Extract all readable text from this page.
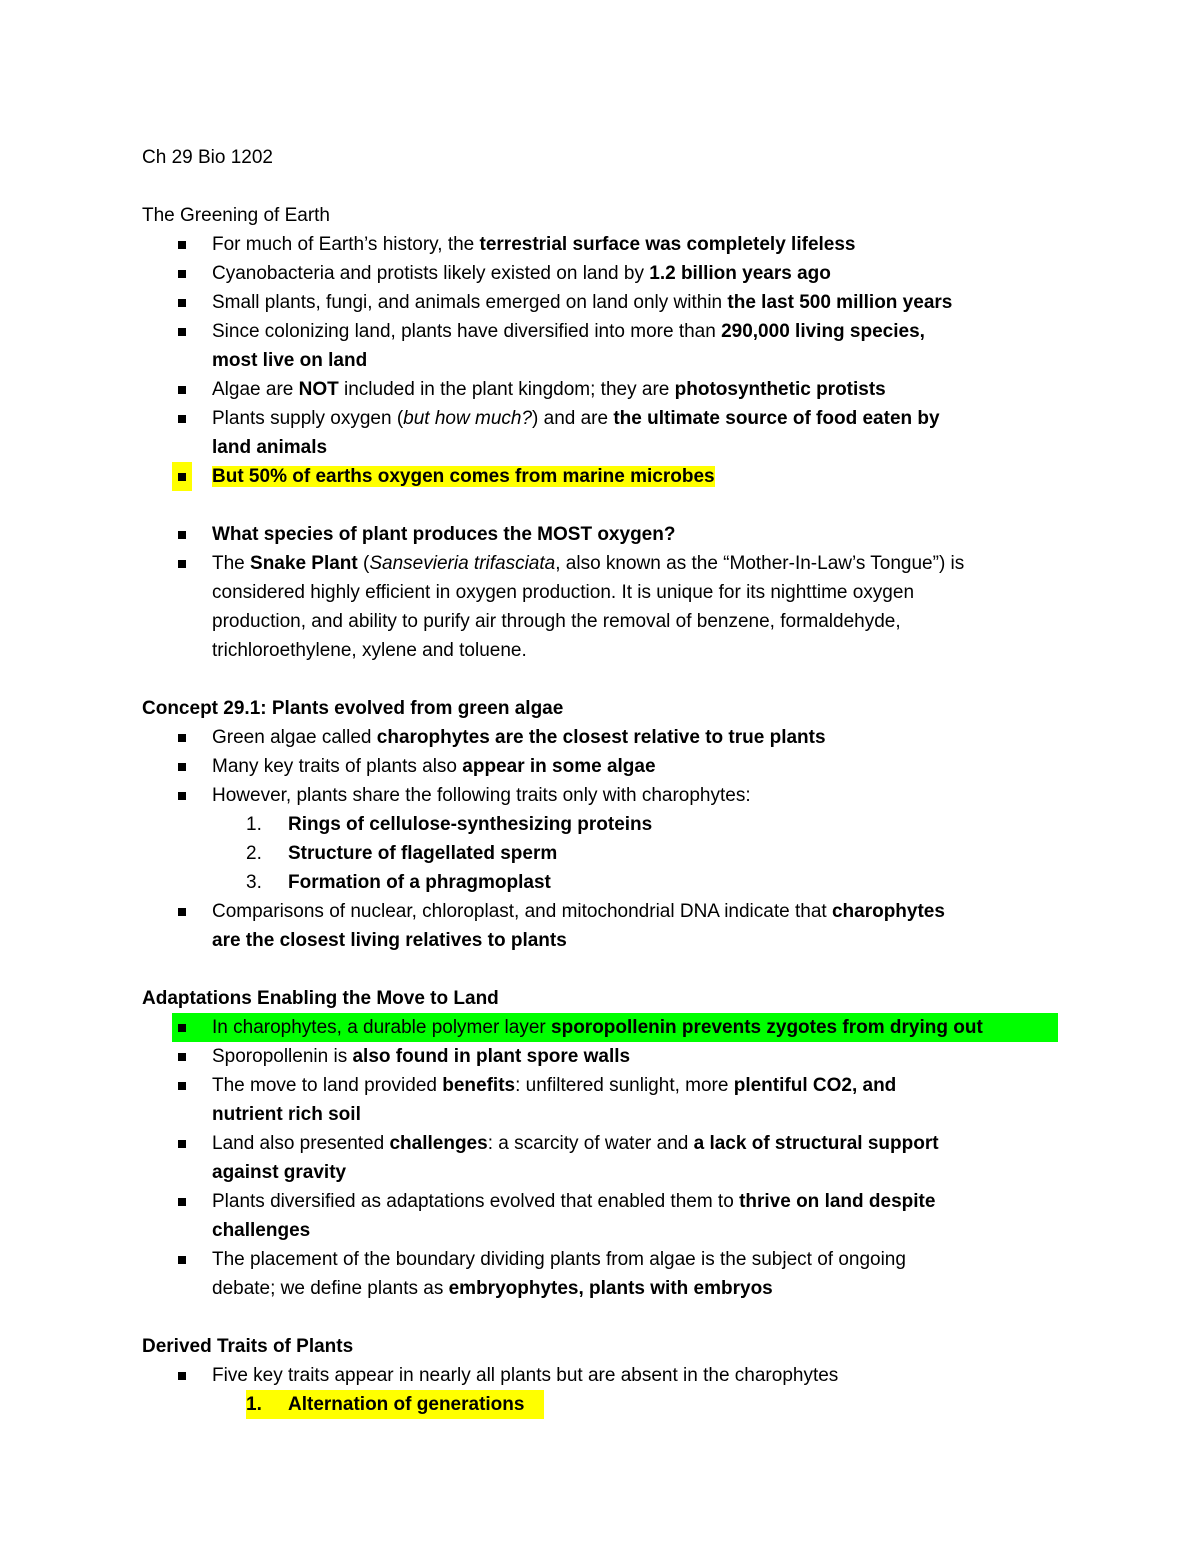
Ch 29 Bio 1202
The Greening of Earth
For much of Earth’s history, the terrestrial surface was completely lifeless
Cyanobacteria and protists likely existed on land by 1.2 billion years ago
Small plants, fungi, and animals emerged on land only within the last 500 million years
Since colonizing land, plants have diversified into more than 290,000 living species,
most live on land
Algae are NOT included in the plant kingdom; they are photosynthetic protists
Plants supply oxygen (but how much?) and are the ultimate source of food eaten by
land animals
But 50% of earths oxygen comes from marine microbes
What species of plant produces the MOST oxygen?
The Snake Plant (Sansevieria trifasciata, also known as the “Mother-In-Law’s Tongue”) is
considered highly efficient in oxygen production. It is unique for its nighttime oxygen
production, and ability to purify air through the removal of benzene, formaldehyde,
trichloroethylene, xylene and toluene.
Concept 29.1: Plants evolved from green algae
Green algae called charophytes are the closest relative to true plants
Many key traits of plants also appear in some algae
However, plants share the following traits only with charophytes:
1. Rings of cellulose-synthesizing proteins
2. Structure of flagellated sperm
3. Formation of a phragmoplast
Comparisons of nuclear, chloroplast, and mitochondrial DNA indicate that charophytes
are the closest living relatives to plants
Adaptations Enabling the Move to Land
In charophytes, a durable polymer layer sporopollenin prevents zygotes from drying out
Sporopollenin is also found in plant spore walls
The move to land provided benefits: unfiltered sunlight, more plentiful CO2, and
nutrient rich soil
Land also presented challenges: a scarcity of water and a lack of structural support
against gravity
Plants diversified as adaptations evolved that enabled them to thrive on land despite
challenges
The placement of the boundary dividing plants from algae is the subject of ongoing
debate; we define plants as embryophytes, plants with embryos
Derived Traits of Plants
Five key traits appear in nearly all plants but are absent in the charophytes
1. Alternation of generations
